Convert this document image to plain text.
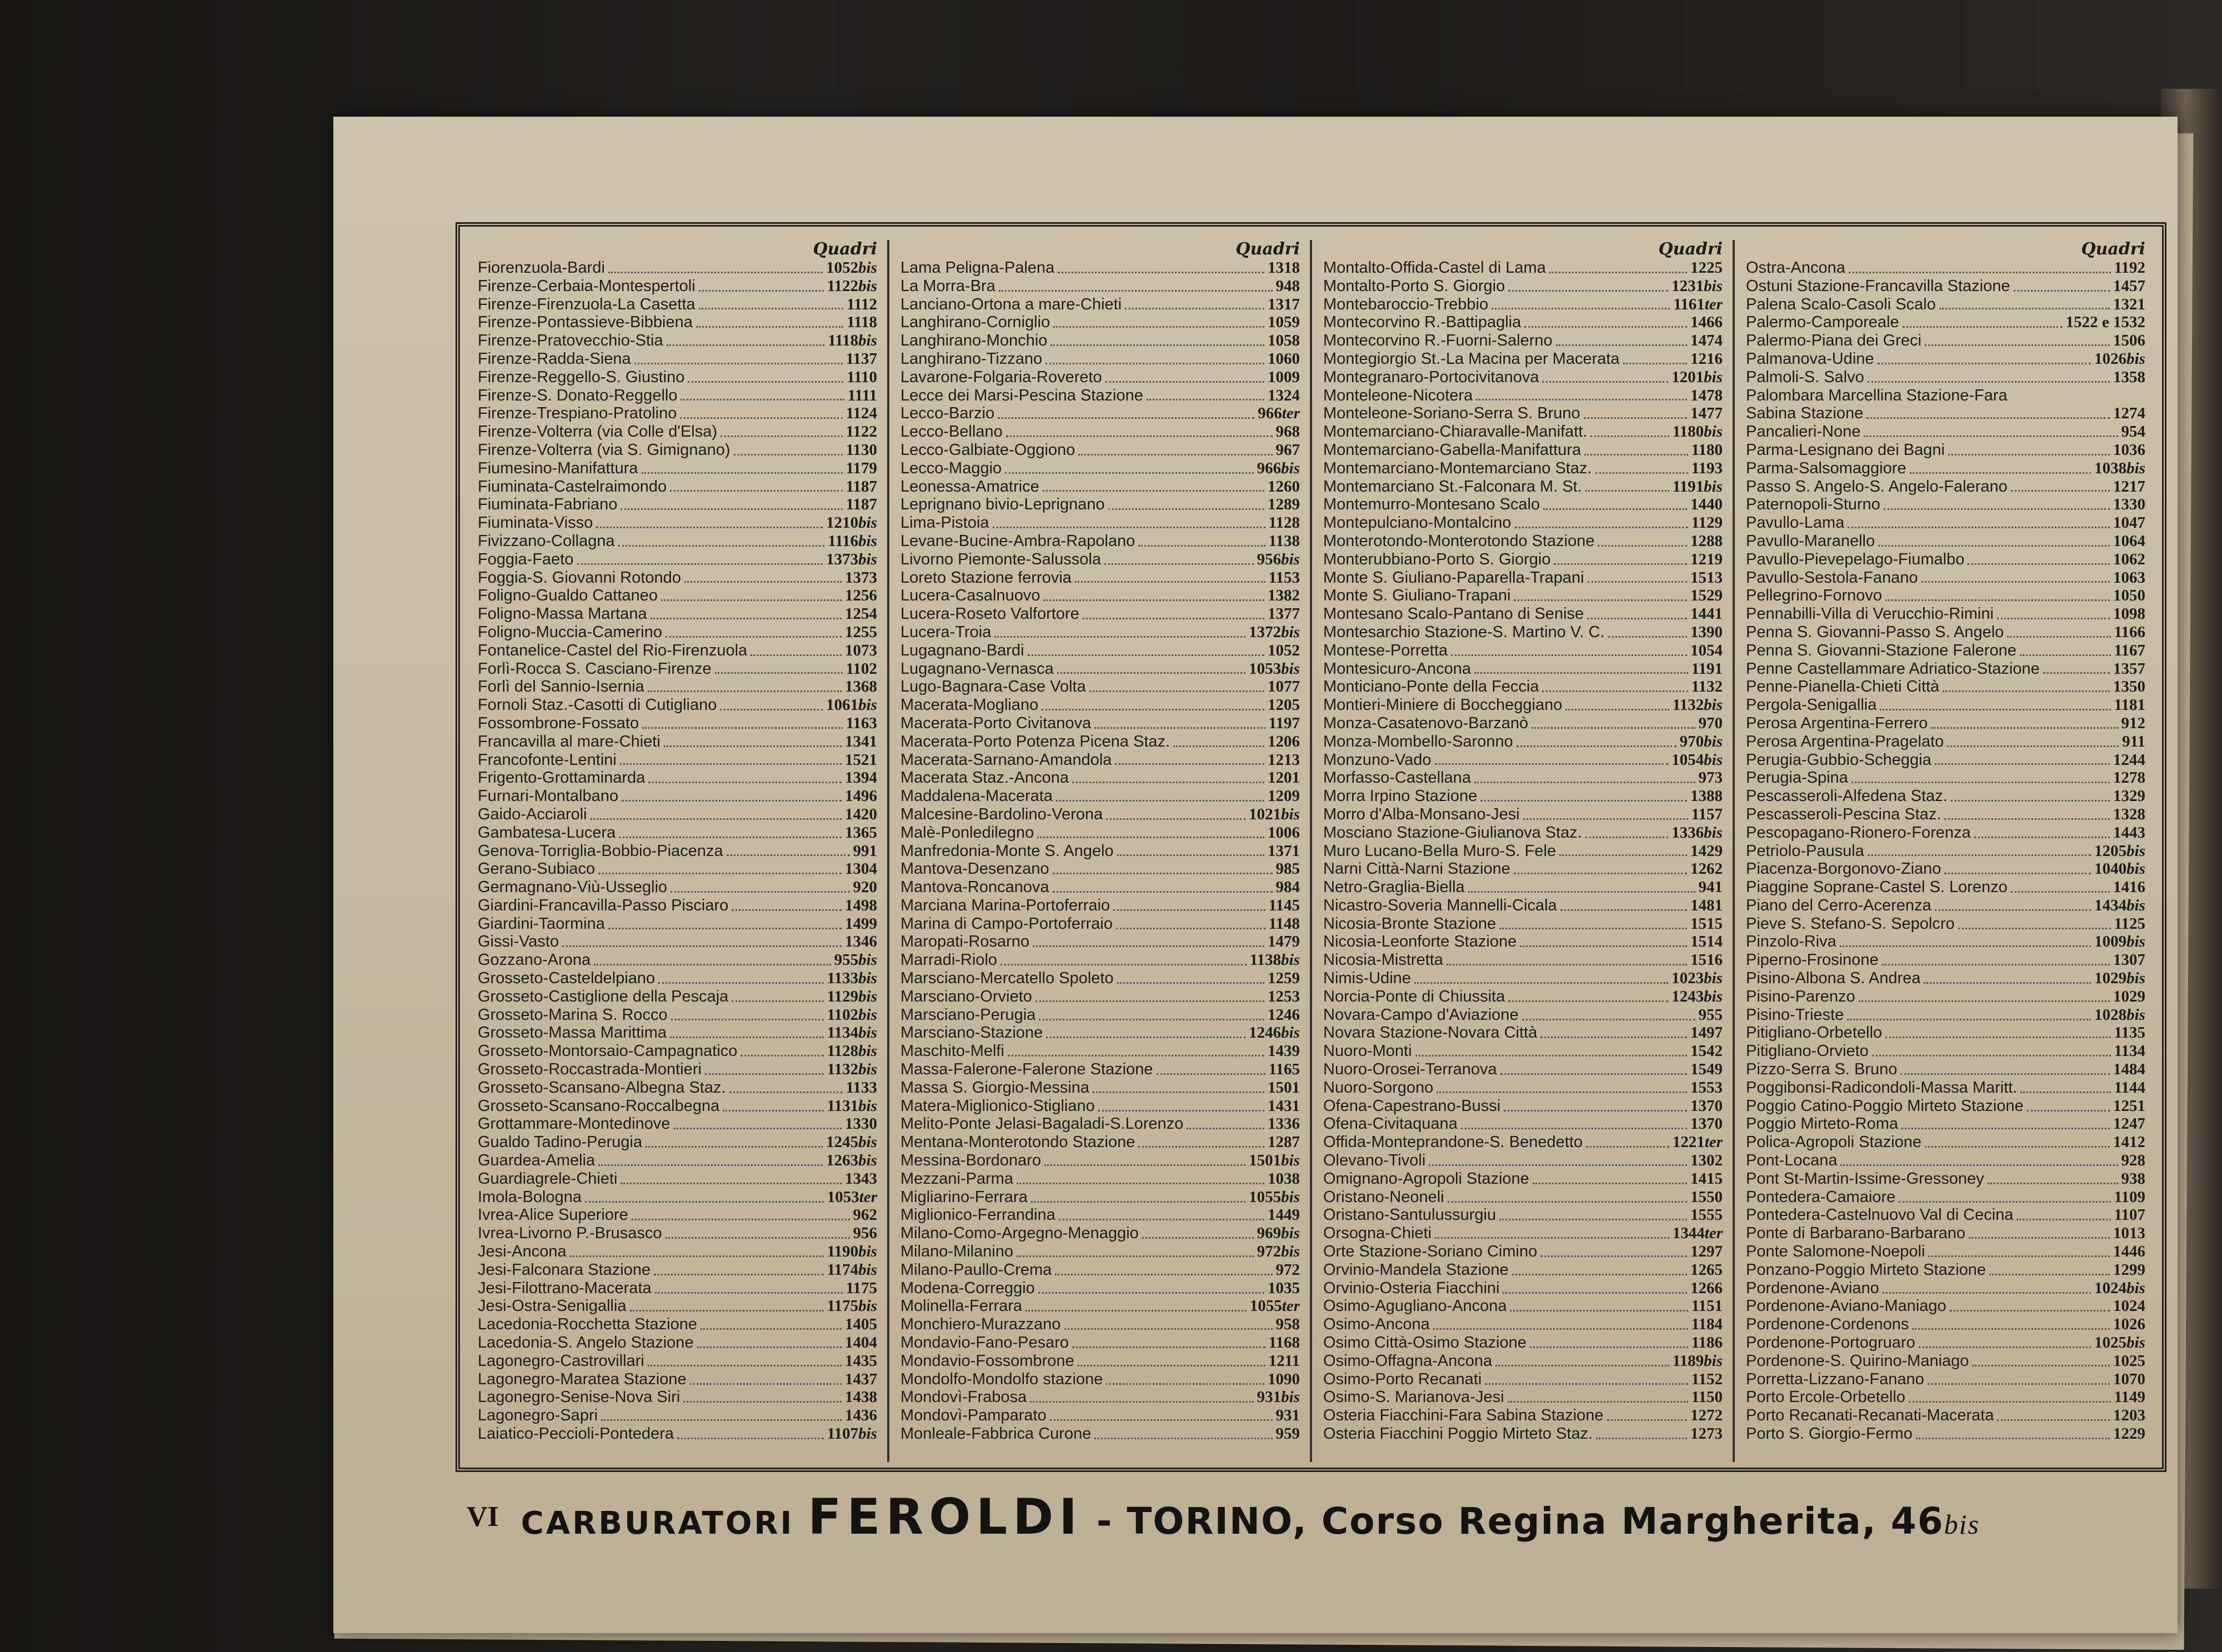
Quadri
Fiorenzuola-Bardi	1052bis
Firenze-Cerbaia-Montespertoli	1122bis
Firenze-Firenzuola-La Casetta	1112
Firenze-Pontassieve-Bibbiena	1118
Firenze-Pratovecchio-Stia	1118bis
Firenze-Radda-Siena	1137
Firenze-Reggello-S. Giustino	1110
Firenze-S. Donato-Reggello	1111
Firenze-Trespiano-Pratolino	1124
Firenze-Volterra (via Colle d'Elsa)	1122
Firenze-Volterra (via S. Gimignano)	1130
Fiumesino-Manifattura	1179
Fiuminata-Castelraimondo	1187
Fiuminata-Fabriano	1187
Fiuminata-Visso	1210bis
Fivizzano-Collagna	1116bis
Foggia-Faeto	1373bis
Foggia-S. Giovanni Rotondo	1373
Foligno-Gualdo Cattaneo	1256
Foligno-Massa Martana	1254
Foligno-Muccia-Camerino	1255
Fontanelice-Castel del Rio-Firenzuola	1073
Forlì-Rocca S. Casciano-Firenze	1102
Forlì del Sannio-Isernia	1368
Fornoli Staz.-Casotti di Cutigliano	1061bis
Fossombrone-Fossato	1163
Francavilla al mare-Chieti	1341
Francofonte-Lentini	1521
Frigento-Grottaminarda	1394
Furnari-Montalbano	1496
Gaido-Acciaroli	1420
Gambatesa-Lucera	1365
Genova-Torriglia-Bobbio-Piacenza	991
Gerano-Subiaco	1304
Germagnano-Viù-Usseglio	920
Giardini-Francavilla-Passo Pisciaro	1498
Giardini-Taormina	1499
Gissi-Vasto	1346
Gozzano-Arona	955bis
Grosseto-Casteldelpiano	1133bis
Grosseto-Castiglione della Pescaja	1129bis
Grosseto-Marina S. Rocco	1102bis
Grosseto-Massa Marittima	1134bis
Grosseto-Montorsaio-Campagnatico	1128bis
Grosseto-Roccastrada-Montieri	1132bis
Grosseto-Scansano-Albegna Staz.	1133
Grosseto-Scansano-Roccalbegna	1131bis
Grottammare-Montedinove	1330
Gualdo Tadino-Perugia	1245bis
Guardea-Amelia	1263bis
Guardiagrele-Chieti	1343
Imola-Bologna	1053ter
Ivrea-Alice Superiore	962
Ivrea-Livorno P.-Brusasco	956
Jesi-Ancona	1190bis
Jesi-Falconara Stazione	1174bis
Jesi-Filottrano-Macerata	1175
Jesi-Ostra-Senigallia	1175bis
Lacedonia-Rocchetta Stazione	1405
Lacedonia-S. Angelo Stazione	1404
Lagonegro-Castrovillari	1435
Lagonegro-Maratea Stazione	1437
Lagonegro-Senise-Nova Siri	1438
Lagonegro-Sapri	1436
Laiatico-Peccioli-Pontedera	1107bis
Quadri
Lama Peligna-Palena	1318
La Morra-Bra	948
Lanciano-Ortona a mare-Chieti	1317
Langhirano-Corniglio	1059
Langhirano-Monchio	1058
Langhirano-Tizzano	1060
Lavarone-Folgaria-Rovereto	1009
Lecce dei Marsi-Pescina Stazione	1324
Lecco-Barzio	966ter
Lecco-Bellano	968
Lecco-Galbiate-Oggiono	967
Lecco-Maggio	966bis
Leonessa-Amatrice	1260
Leprignano bivio-Leprignano	1289
Lima-Pistoia	1128
Levane-Bucine-Ambra-Rapolano	1138
Livorno Piemonte-Salussola	956bis
Loreto Stazione ferrovia	1153
Lucera-Casalnuovo	1382
Lucera-Roseto Valfortore	1377
Lucera-Troia	1372bis
Lugagnano-Bardi	1052
Lugagnano-Vernasca	1053bis
Lugo-Bagnara-Case Volta	1077
Macerata-Mogliano	1205
Macerata-Porto Civitanova	1197
Macerata-Porto Potenza Picena Staz.	1206
Macerata-Sarnano-Amandola	1213
Macerata Staz.-Ancona	1201
Maddalena-Macerata	1209
Malcesine-Bardolino-Verona	1021bis
Malè-Ponledilegno	1006
Manfredonia-Monte S. Angelo	1371
Mantova-Desenzano	985
Mantova-Roncanova	984
Marciana Marina-Portoferraio	1145
Marina di Campo-Portoferraio	1148
Maropati-Rosarno	1479
Marradi-Riolo	1138bis
Marsciano-Mercatello Spoleto	1259
Marsciano-Orvieto	1253
Marsciano-Perugia	1246
Marsciano-Stazione	1246bis
Maschito-Melfi	1439
Massa-Falerone-Falerone Stazione	1165
Massa S. Giorgio-Messina	1501
Matera-Miglionico-Stigliano	1431
Melito-Ponte Jelasi-Bagaladi-S.Lorenzo	1336
Mentana-Monterotondo Stazione	1287
Messina-Bordonaro	1501bis
Mezzani-Parma	1038
Migliarino-Ferrara	1055bis
Miglionico-Ferrandina	1449
Milano-Como-Argegno-Menaggio	969bis
Milano-Milanino	972bis
Milano-Paullo-Crema	972
Modena-Correggio	1035
Molinella-Ferrara	1055ter
Monchiero-Murazzano	958
Mondavio-Fano-Pesaro	1168
Mondavio-Fossombrone	1211
Mondolfo-Mondolfo stazione	1090
Mondovì-Frabosa	931bis
Mondovì-Pamparato	931
Monleale-Fabbrica Curone	959
Quadri
Montalto-Offida-Castel di Lama	1225
Montalto-Porto S. Giorgio	1231bis
Montebaroccio-Trebbio	1161ter
Montecorvino R.-Battipaglia	1466
Montecorvino R.-Fuorni-Salerno	1474
Montegiorgio St.-La Macina per Macerata	1216
Montegranaro-Portocivitanova	1201bis
Monteleone-Nicotera	1478
Monteleone-Soriano-Serra S. Bruno	1477
Montemarciano-Chiaravalle-Manifatt.	1180bis
Montemarciano-Gabella-Manifattura	1180
Montemarciano-Montemarciano Staz.	1193
Montemarciano St.-Falconara M. St.	1191bis
Montemurro-Montesano Scalo	1440
Montepulciano-Montalcino	1129
Monterotondo-Monterotondo Stazione	1288
Monterubbiano-Porto S. Giorgio	1219
Monte S. Giuliano-Paparella-Trapani	1513
Monte S. Giuliano-Trapani	1529
Montesano Scalo-Pantano di Senise	1441
Montesarchio Stazione-S. Martino V. C.	1390
Montese-Porretta	1054
Montesicuro-Ancona	1191
Monticiano-Ponte della Feccia	1132
Montieri-Miniere di Boccheggiano	1132bis
Monza-Casatenovo-Barzanò	970
Monza-Mombello-Saronno	970bis
Monzuno-Vado	1054bis
Morfasso-Castellana	973
Morra Irpino Stazione	1388
Morro d'Alba-Monsano-Jesi	1157
Mosciano Stazione-Giulianova Staz.	1336bis
Muro Lucano-Bella Muro-S. Fele	1429
Narni Città-Narni Stazione	1262
Netro-Graglia-Biella	941
Nicastro-Soveria Mannelli-Cicala	1481
Nicosia-Bronte Stazione	1515
Nicosia-Leonforte Stazione	1514
Nicosia-Mistretta	1516
Nimis-Udine	1023bis
Norcia-Ponte di Chiussita	1243bis
Novara-Campo d'Aviazione	955
Novara Stazione-Novara Città	1497
Nuoro-Monti	1542
Nuoro-Orosei-Terranova	1549
Nuoro-Sorgono	1553
Ofena-Capestrano-Bussi	1370
Ofena-Civitaquana	1370
Offida-Monteprandone-S. Benedetto	1221ter
Olevano-Tivoli	1302
Omignano-Agropoli Stazione	1415
Oristano-Neoneli	1550
Oristano-Santulussurgiu	1555
Orsogna-Chieti	1344ter
Orte Stazione-Soriano Cimino	1297
Orvinio-Mandela Stazione	1265
Orvinio-Osteria Fiacchini	1266
Osimo-Agugliano-Ancona	1151
Osimo-Ancona	1184
Osimo Città-Osimo Stazione	1186
Osimo-Offagna-Ancona	1189bis
Osimo-Porto Recanati	1152
Osimo-S. Marianova-Jesi	1150
Osteria Fiacchini-Fara Sabina Stazione	1272
Osteria Fiacchini Poggio Mirteto Staz.	1273
Quadri
Ostra-Ancona	1192
Ostuni Stazione-Francavilla Stazione	1457
Palena Scalo-Casoli Scalo	1321
Palermo-Camporeale	1522 e 1532
Palermo-Piana dei Greci	1506
Palmanova-Udine	1026bis
Palmoli-S. Salvo	1358
Palombara Marcellina Stazione-Fara
Sabina Stazione	1274
Pancalieri-None	954
Parma-Lesignano dei Bagni	1036
Parma-Salsomaggiore	1038bis
Passo S. Angelo-S. Angelo-Falerano	1217
Paternopoli-Sturno	1330
Pavullo-Lama	1047
Pavullo-Maranello	1064
Pavullo-Pievepelago-Fiumalbo	1062
Pavullo-Sestola-Fanano	1063
Pellegrino-Fornovo	1050
Pennabilli-Villa di Verucchio-Rimini	1098
Penna S. Giovanni-Passo S. Angelo	1166
Penna S. Giovanni-Stazione Falerone	1167
Penne Castellammare Adriatico-Stazione	1357
Penne-Pianella-Chieti Città	1350
Pergola-Senigallia	1181
Perosa Argentina-Ferrero	912
Perosa Argentina-Pragelato	911
Perugia-Gubbio-Scheggia	1244
Perugia-Spina	1278
Pescasseroli-Alfedena Staz.	1329
Pescasseroli-Pescina Staz.	1328
Pescopagano-Rionero-Forenza	1443
Petriolo-Pausula	1205bis
Piacenza-Borgonovo-Ziano	1040bis
Piaggine Soprane-Castel S. Lorenzo	1416
Piano del Cerro-Acerenza	1434bis
Pieve S. Stefano-S. Sepolcro	1125
Pinzolo-Riva	1009bis
Piperno-Frosinone	1307
Pisino-Albona S. Andrea	1029bis
Pisino-Parenzo	1029
Pisino-Trieste	1028bis
Pitigliano-Orbetello	1135
Pitigliano-Orvieto	1134
Pizzo-Serra S. Bruno	1484
Poggibonsi-Radicondoli-Massa Maritt.	1144
Poggio Catino-Poggio Mirteto Stazione	1251
Poggio Mirteto-Roma	1247
Polica-Agropoli Stazione	1412
Pont-Locana	928
Pont St-Martin-Issime-Gressoney	938
Pontedera-Camaiore	1109
Pontedera-Castelnuovo Val di Cecina	1107
Ponte di Barbarano-Barbarano	1013
Ponte Salomone-Noepoli	1446
Ponzano-Poggio Mirteto Stazione	1299
Pordenone-Aviano	1024bis
Pordenone-Aviano-Maniago	1024
Pordenone-Cordenons	1026
Pordenone-Portogruaro	1025bis
Pordenone-S. Quirino-Maniago	1025
Porretta-Lizzano-Fanano	1070
Porto Ercole-Orbetello	1149
Porto Recanati-Recanati-Macerata	1203
Porto S. Giorgio-Fermo	1229
VI CARBURATORI FEROLDI - TORINO, Corso Regina Margherita, 46bis
